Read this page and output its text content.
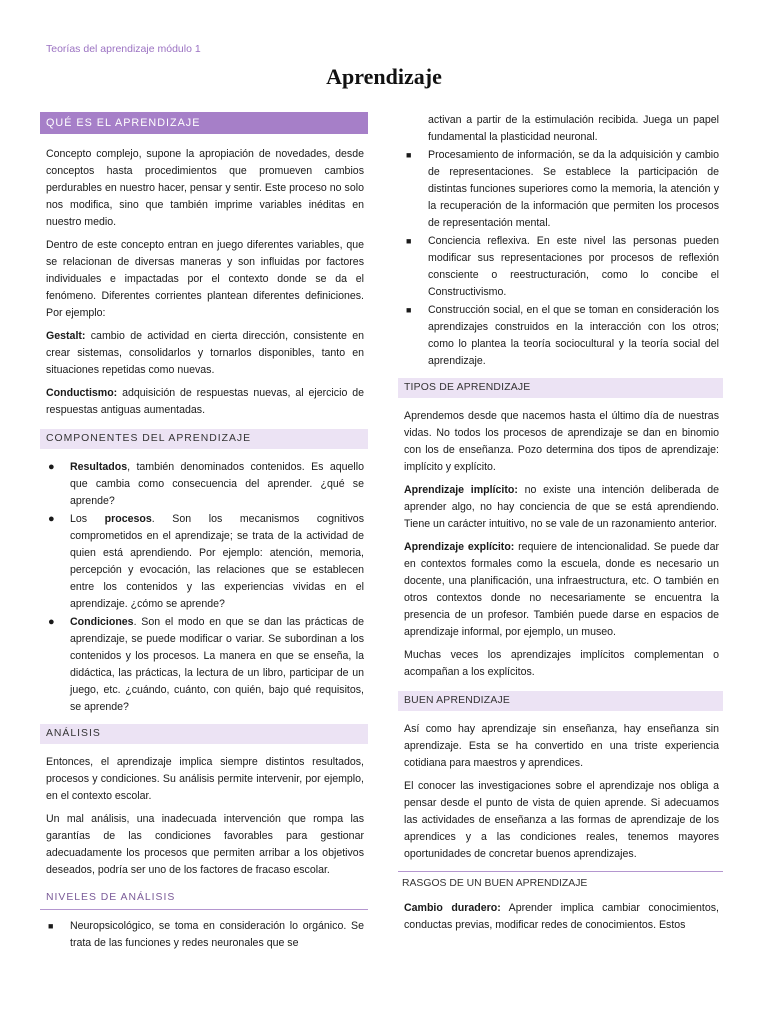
Teorías del aprendizaje módulo 1
Aprendizaje
QUÉ ES EL APRENDIZAJE

Concepto complejo, supone la apropiación de novedades, desde conceptos hasta procedimientos que promueven cambios perdurables en nuestro hacer, pensar y sentir. Este proceso no solo nos modifica, sino que también imprime variables inéditas en nuestro medio.

Dentro de este concepto entran en juego diferentes variables, que se relacionan de diversas maneras y son influidas por factores individuales e impactadas por el contexto donde se da el fenómeno. Diferentes corrientes plantean diferentes definiciones. Por ejemplo:

Gestalt: cambio de actividad en cierta dirección, consistente en crear sistemas, consolidarlos y tornarlos disponibles, tanto en situaciones repetidas como nuevas.

Conductismo: adquisición de respuestas nuevas, al ejercicio de respuestas antiguas aumentadas.

COMPONENTES DEL APRENDIZAJE
● Resultados, también denominados contenidos. Es aquello que cambia como consecuencia del aprender. ¿qué se aprende?
● Los procesos. Son los mecanismos cognitivos comprometidos en el aprendizaje; se trata de la actividad de quien está aprendiendo. Por ejemplo: atención, memoria, percepción y evocación, las relaciones que se establecen entre los contenidos y las experiencias vividas en el aprendizaje. ¿cómo se aprende?
● Condiciones. Son el modo en que se dan las prácticas de aprendizaje, se puede modificar o variar. Se subordinan a los contenidos y los procesos. La manera en que se enseña, la didáctica, las prácticas, la lectura de un libro, participar de un juego, etc. ¿cuándo, cuánto, con quién, bajo qué requisitos, se aprende?
ANÁLISIS

Entonces, el aprendizaje implica siempre distintos resultados, procesos y condiciones. Su análisis permite intervenir, por ejemplo, en el contexto escolar.

Un mal análisis, una inadecuada intervención que rompa las garantías de las condiciones favorables para gestionar adecuadamente los procesos que permiten arribar a los objetivos deseados, podría ser uno de los factores de fracaso escolar.

NIVELES DE ANÁLISIS
■ Neuropsicológico, se toma en consideración lo orgánico. Se trata de las funciones y redes neuronales que se
activan a partir de la estimulación recibida. Juega un papel fundamental la plasticidad neuronal.
■ Procesamiento de información, se da la adquisición y cambio de representaciones. Se establece la participación de distintas funciones superiores como la memoria, la atención y la recuperación de la información que permiten los procesos de representación mental.
■ Conciencia reflexiva. En este nivel las personas pueden modificar sus representaciones por procesos de reflexión consciente o reestructuración, como lo concibe el Constructivismo.
■ Construcción social, en el que se toman en consideración los aprendizajes construidos en la interacción con los otros; como lo plantea la teoría sociocultural y la teoría social del aprendizaje.
TIPOS DE APRENDIZAJE

Aprendemos desde que nacemos hasta el último día de nuestras vidas. No todos los procesos de aprendizaje se dan en binomio con los de enseñanza. Pozo determina dos tipos de aprendizaje: implícito y explícito.

Aprendizaje implícito: no existe una intención deliberada de aprender algo, no hay conciencia de que se está aprendiendo. Tiene un carácter intuitivo, no se vale de un razonamiento anterior.

Aprendizaje explícito: requiere de intencionalidad. Se puede dar en contextos formales como la escuela, donde es necesario un docente, una planificación, una infraestructura, etc. O también en otros contextos donde no necesariamente se encuentra la presencia de un profesor. También puede darse en espacios de aprendizaje informal, por ejemplo, un museo.

Muchas veces los aprendizajes implícitos complementan o acompañan a los explícitos.

BUEN APRENDIZAJE

Así como hay aprendizaje sin enseñanza, hay enseñanza sin aprendizaje. Esta se ha convertido en una triste experiencia cotidiana para maestros y aprendices.

El conocer las investigaciones sobre el aprendizaje nos obliga a pensar desde el punto de vista de quien aprende. Si adecuamos las actividades de enseñanza a las formas de aprendizaje de los aprendices y a las condiciones reales, tenemos mayores oportunidades de concretar buenos aprendizajes.

RASGOS DE UN BUEN APRENDIZAJE

Cambio duradero: Aprender implica cambiar conocimientos, conductas previas, modificar redes de conocimientos. Estos
